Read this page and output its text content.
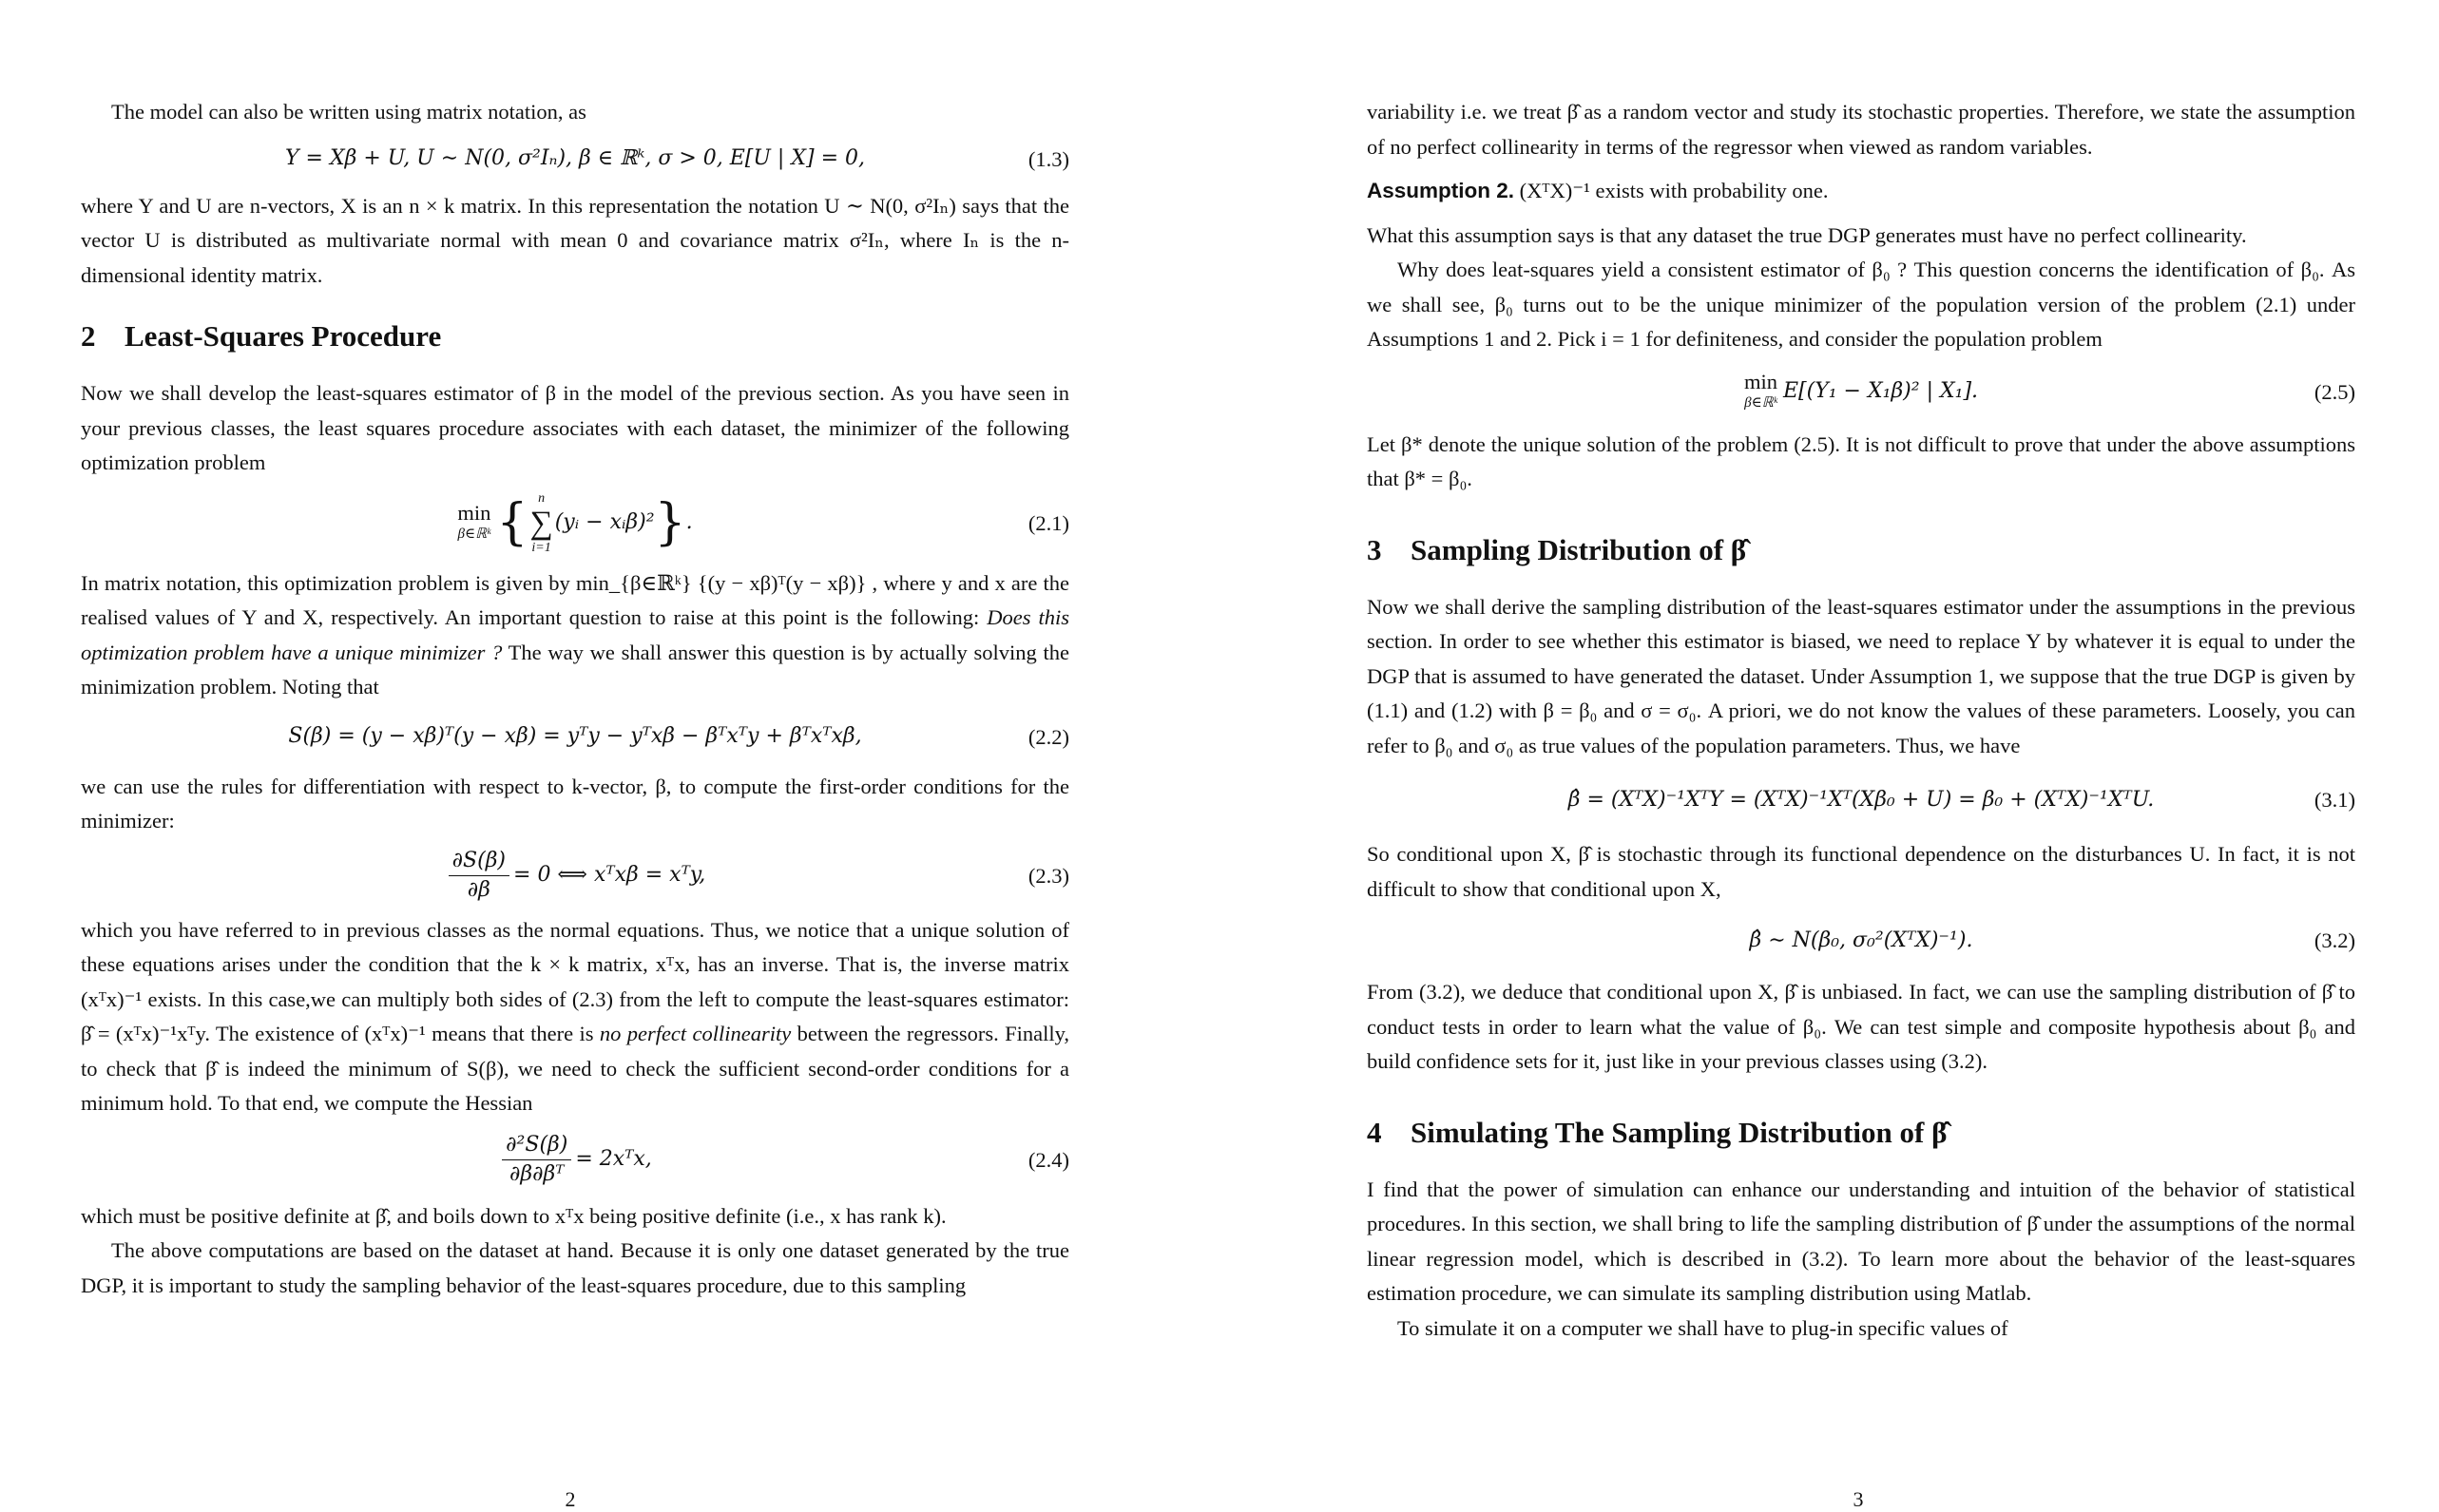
The model can also be written using matrix notation, as

Y = Xβ + U, U ∼ N(0, σ²Iₙ), β ∈ ℝᵏ, σ > 0, E[U | X] = 0,	(1.3)

where Y and U are n-vectors, X is an n × k matrix. In this representation the notation U ∼ N(0, σ²Iₙ) says that the vector U is distributed as multivariate normal with mean 0 and covariance matrix σ²Iₙ, where Iₙ is the n-dimensional identity matrix.

2 Least-Squares Procedure

Now we shall develop the least-squares estimator of β in the model of the previous section. As you have seen in your previous classes, the least squares procedure associates with each dataset, the minimizer of the following optimization problem

min
β∈ℝᵏ { n
∑
i=1
(yᵢ − xᵢβ)² } .	(2.1)

In matrix notation, this optimization problem is given by min_{β∈ℝᵏ} {(y − xβ)ᵀ(y − xβ)} , where y and x are the realised values of Y and X, respectively. An important question to raise at this point is the following: Does this optimization problem have a unique minimizer ? The way we shall answer this question is by actually solving the minimization problem. Noting that

S(β) = (y − xβ)ᵀ(y − xβ) = yᵀy − yᵀxβ − βᵀxᵀy + βᵀxᵀxβ,	(2.2)

we can use the rules for differentiation with respect to k-vector, β, to compute the first-order conditions for the minimizer:

$\frac{\partial S(\beta)}{\partial\beta} = 0$ ⟺ xᵀxβ = xᵀy,	(2.3)

which you have referred to in previous classes as the normal equations. Thus, we notice that a unique solution of these equations arises under the condition that the k × k matrix, xᵀx, has an inverse. That is, the inverse matrix (xᵀx)⁻¹ exists. In this case,we can multiply both sides of (2.3) from the left to compute the least-squares estimator: β̂ = (xᵀx)⁻¹xᵀy. The existence of (xᵀx)⁻¹ means that there is no perfect collinearity between the regressors. Finally, to check that β̂ is indeed the minimum of S(β), we need to check the sufficient second-order conditions for a minimum hold. To that end, we compute the Hessian

$\frac{\text{∂²S(β)}}{\text{∂β∂βᵀ}}$ = 2xᵀx,	(2.4)

which must be positive definite at β̂, and boils down to xᵀx being positive definite (i.e., x has rank k).

The above computations are based on the dataset at hand. Because it is only one dataset generated by the true DGP, it is important to study the sampling behavior of the least-squares procedure, due to this sampling

2

variability i.e. we treat β̂ as a random vector and study its stochastic properties. Therefore, we state the assumption of no perfect collinearity in terms of the regressor when viewed as random variables.

Assumption 2. (XᵀX)⁻¹ exists with probability one.

What this assumption says is that any dataset the true DGP generates must have no perfect collinearity.

Why does leat-squares yield a consistent estimator of β₀ ? This question concerns the identification of β₀. As we shall see, β₀ turns out to be the unique minimizer of the population version of the problem (2.1) under Assumptions 1 and 2. Pick i = 1 for definiteness, and consider the population problem

min
β∈ℝᵏ E[(Y₁ − X₁β)² | X₁].	(2.5)

Let β* denote the unique solution of the problem (2.5). It is not difficult to prove that under the above assumptions that β* = β₀.

3 Sampling Distribution of β̂

Now we shall derive the sampling distribution of the least-squares estimator under the assumptions in the previous section. In order to see whether this estimator is biased, we need to replace Y by whatever it is equal to under the DGP that is assumed to have generated the dataset. Under Assumption 1, we suppose that the true DGP is given by (1.1) and (1.2) with β = β₀ and σ = σ₀. A priori, we do not know the values of these parameters. Loosely, you can refer to β₀ and σ₀ as true values of the population parameters. Thus, we have

β̂ = (XᵀX)⁻¹XᵀY = (XᵀX)⁻¹Xᵀ(Xβ₀ + U) = β₀ + (XᵀX)⁻¹XᵀU.	(3.1)

So conditional upon X, β̂ is stochastic through its functional dependence on the disturbances U. In fact, it is not difficult to show that conditional upon X,

β̂ ∼ N(β₀, σ₀²(XᵀX)⁻¹).	(3.2)

From (3.2), we deduce that conditional upon X, β̂ is unbiased. In fact, we can use the sampling distribution of β̂ to conduct tests in order to learn what the value of β₀. We can test simple and composite hypothesis about β₀ and build confidence sets for it, just like in your previous classes using (3.2).

4 Simulating The Sampling Distribution of β̂

I find that the power of simulation can enhance our understanding and intuition of the behavior of statistical procedures. In this section, we shall bring to life the sampling distribution of β̂ under the assumptions of the normal linear regression model, which is described in (3.2). To learn more about the behavior of the least-squares estimation procedure, we can simulate its sampling distribution using Matlab.

To simulate it on a computer we shall have to plug-in specific values of

3
